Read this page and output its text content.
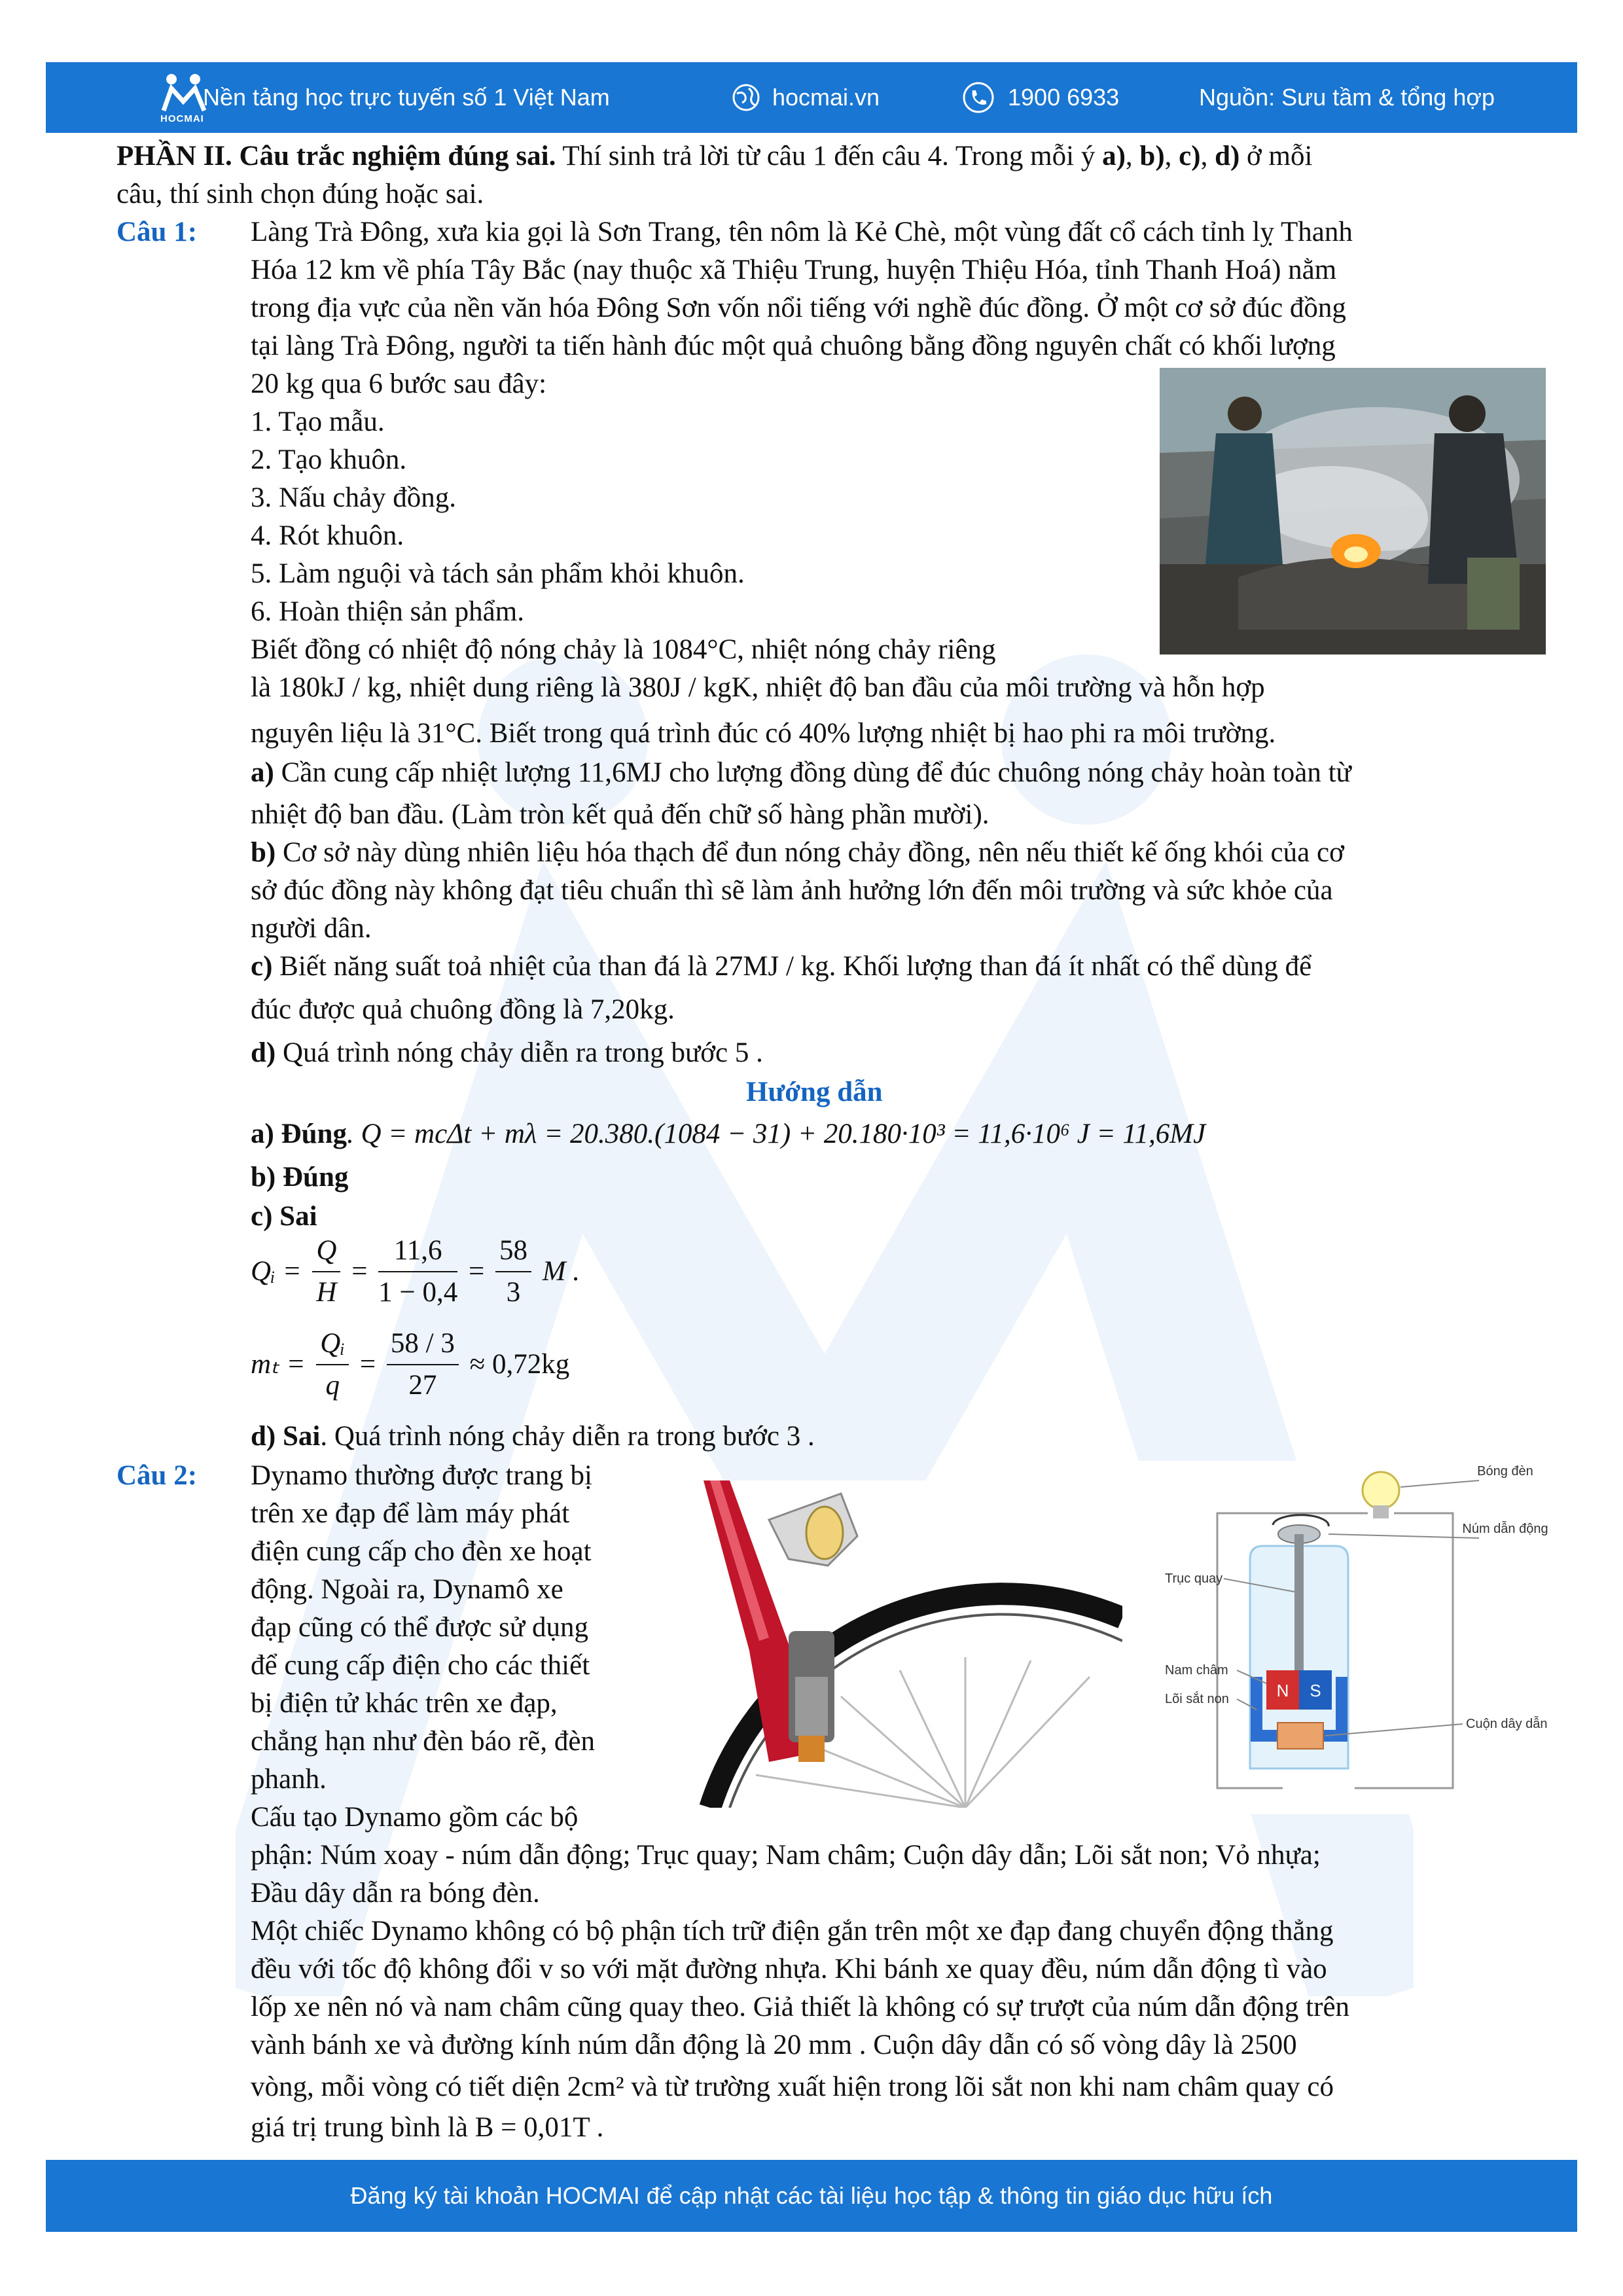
HOCMAI
Nền tảng học trực tuyến số 1 Việt Nam	hocmai.vn	1900 6933	Nguồn: Sưu tầm & tổng hợp
PHẦN II. Câu trắc nghiệm đúng sai. Thí sinh trả lời từ câu 1 đến câu 4. Trong mỗi ý a), b), c), d) ở mỗi
câu, thí sinh chọn đúng hoặc sai.
Câu 1: Làng Trà Đông, xưa kia gọi là Sơn Trang, tên nôm là Kẻ Chè, một vùng đất cổ cách tỉnh lỵ Thanh
Hóa 12 km về phía Tây Bắc (nay thuộc xã Thiệu Trung, huyện Thiệu Hóa, tỉnh Thanh Hoá) nằm
trong địa vực của nền văn hóa Đông Sơn vốn nổi tiếng với nghề đúc đồng. Ở một cơ sở đúc đồng
tại làng Trà Đông, người ta tiến hành đúc một quả chuông bằng đồng nguyên chất có khối lượng
20 kg qua 6 bước sau đây:
1. Tạo mẫu.
2. Tạo khuôn.
3. Nấu chảy đồng.
4. Rót khuôn.
5. Làm nguội và tách sản phẩm khỏi khuôn.
6. Hoàn thiện sản phẩm.
Biết đồng có nhiệt độ nóng chảy là 1084°C, nhiệt nóng chảy riêng
là 180kJ / kg, nhiệt dung riêng là 380J / kgK, nhiệt độ ban đầu của môi trường và hỗn hợp
nguyên liệu là 31°C. Biết trong quá trình đúc có 40% lượng nhiệt bị hao phi ra môi trường.
a) Cần cung cấp nhiệt lượng 11,6MJ cho lượng đồng dùng để đúc chuông nóng chảy hoàn toàn từ
nhiệt độ ban đầu. (Làm tròn kết quả đến chữ số hàng phần mười).
b) Cơ sở này dùng nhiên liệu hóa thạch để đun nóng chảy đồng, nên nếu thiết kế ống khói của cơ
sở đúc đồng này không đạt tiêu chuẩn thì sẽ làm ảnh hưởng lớn đến môi trường và sức khỏe của
người dân.
c) Biết năng suất toả nhiệt của than đá là 27MJ / kg. Khối lượng than đá ít nhất có thể dùng để
đúc được quả chuông đồng là 7,20kg.
d) Quá trình nóng chảy diễn ra trong bước 5 .
Hướng dẫn
a) Đúng. Q = mcΔt + mλ = 20.380.(1084 − 31) + 20.180·10³ = 11,6·10⁶ J = 11,6MJ
b) Đúng
c) Sai
Qᵢ = $\frac{Q}{H} = \frac{11,6}{1 - 0,4} = \frac{58}{3}$ M .
$m_t = \frac{\text{Qᵢ}}{q} = \frac{58 / 3}{27} \approx 0,72kg$
d) Sai. Quá trình nóng chảy diễn ra trong bước 3 .
Câu 2: Dynamo thường được trang bị
trên xe đạp để làm máy phát
điện cung cấp cho đèn xe hoạt
động. Ngoài ra, Dynamô xe
đạp cũng có thể được sử dụng
để cung cấp điện cho các thiết
bị điện tử khác trên xe đạp,
chẳng hạn như đèn báo rẽ, đèn
phanh.
Cấu tạo Dynamo gồm các bộ
phận: Núm xoay - núm dẫn động; Trục quay; Nam châm; Cuộn dây dẫn; Lõi sắt non; Vỏ nhựa;
Đầu dây dẫn ra bóng đèn.
Một chiếc Dynamo không có bộ phận tích trữ điện gắn trên một xe đạp đang chuyển động thẳng
đều với tốc độ không đổi v so với mặt đường nhựa. Khi bánh xe quay đều, núm dẫn động tì vào
lốp xe nên nó và nam châm cũng quay theo. Giả thiết là không có sự trượt của núm dẫn động trên
vành bánh xe và đường kính núm dẫn động là 20 mm . Cuộn dây dẫn có số vòng dây là 2500
vòng, mỗi vòng có tiết diện 2cm² và từ trường xuất hiện trong lõi sắt non khi nam châm quay có
giá trị trung bình là B = 0,01T .
N S
Bóng đèn
Núm dẫn động
Trục quay
Nam châm
Lõi sắt non
Cuộn dây dẫn
Đăng ký tài khoản HOCMAI để cập nhật các tài liệu học tập & thông tin giáo dục hữu ích
